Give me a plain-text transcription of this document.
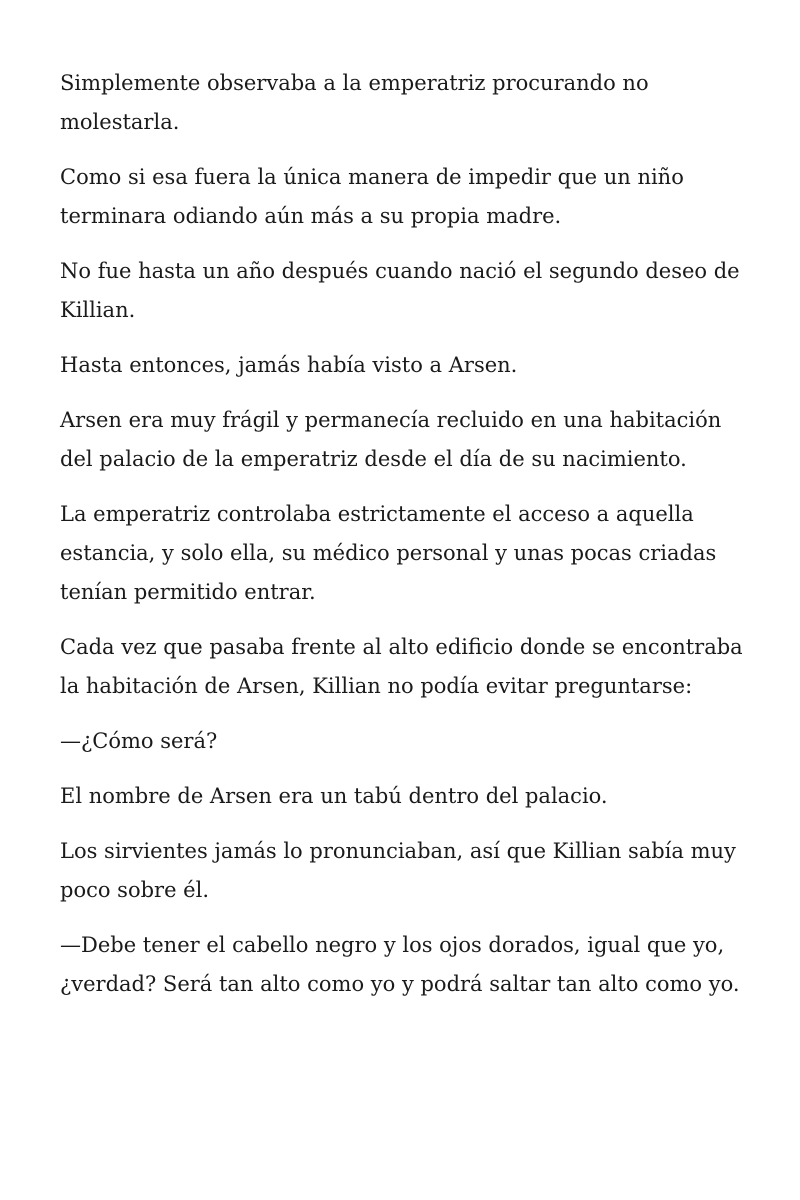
Simplemente observaba a la emperatriz procurando no molestarla.

Como si esa fuera la única manera de impedir que un niño terminara odiando aún más a su propia madre.

No fue hasta un año después cuando nació el segundo deseo de Killian.

Hasta entonces, jamás había visto a Arsen.

Arsen era muy frágil y permanecía recluido en una habitación del palacio de la emperatriz desde el día de su nacimiento.

La emperatriz controlaba estrictamente el acceso a aquella estancia, y solo ella, su médico personal y unas pocas criadas tenían permitido entrar.

Cada vez que pasaba frente al alto edificio donde se encontraba la habitación de Arsen, Killian no podía evitar preguntarse:

—¿Cómo será?

El nombre de Arsen era un tabú dentro del palacio.

Los sirvientes jamás lo pronunciaban, así que Killian sabía muy poco sobre él.

—Debe tener el cabello negro y los ojos dorados, igual que yo, ¿verdad? Será tan alto como yo y podrá saltar tan alto como yo.
